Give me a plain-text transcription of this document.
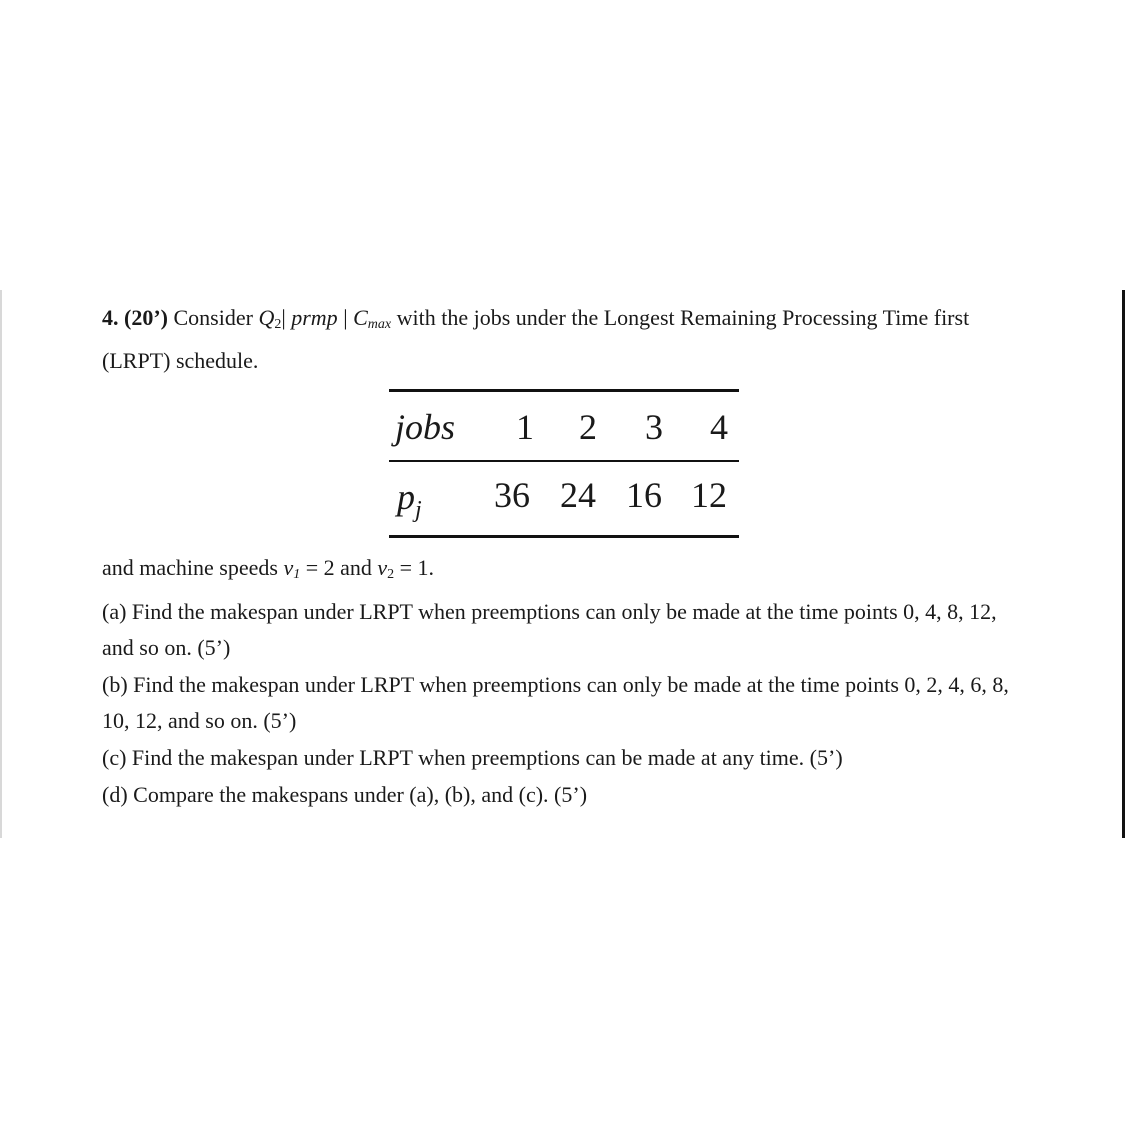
4. (20’) Consider $Q_2|$ prmp | Cmax with the jobs under the Longest Remaining Processing Time first (LRPT) schedule.

jobs 1 2 3 4
$p_j$ 36 24 16 12

and machine speeds v1 = 2 and $v_2 = 1$.

(a) Find the makespan under LRPT when preemptions can only be made at the time points 0, 4, 8, 12, and so on. (5’)

(b) Find the makespan under LRPT when preemptions can only be made at the time points 0, 2, 4, 6, 8, 10, 12, and so on. (5’)

(c) Find the makespan under LRPT when preemptions can be made at any time. (5’)

(d) Compare the makespans under (a), (b), and (c). (5’)
